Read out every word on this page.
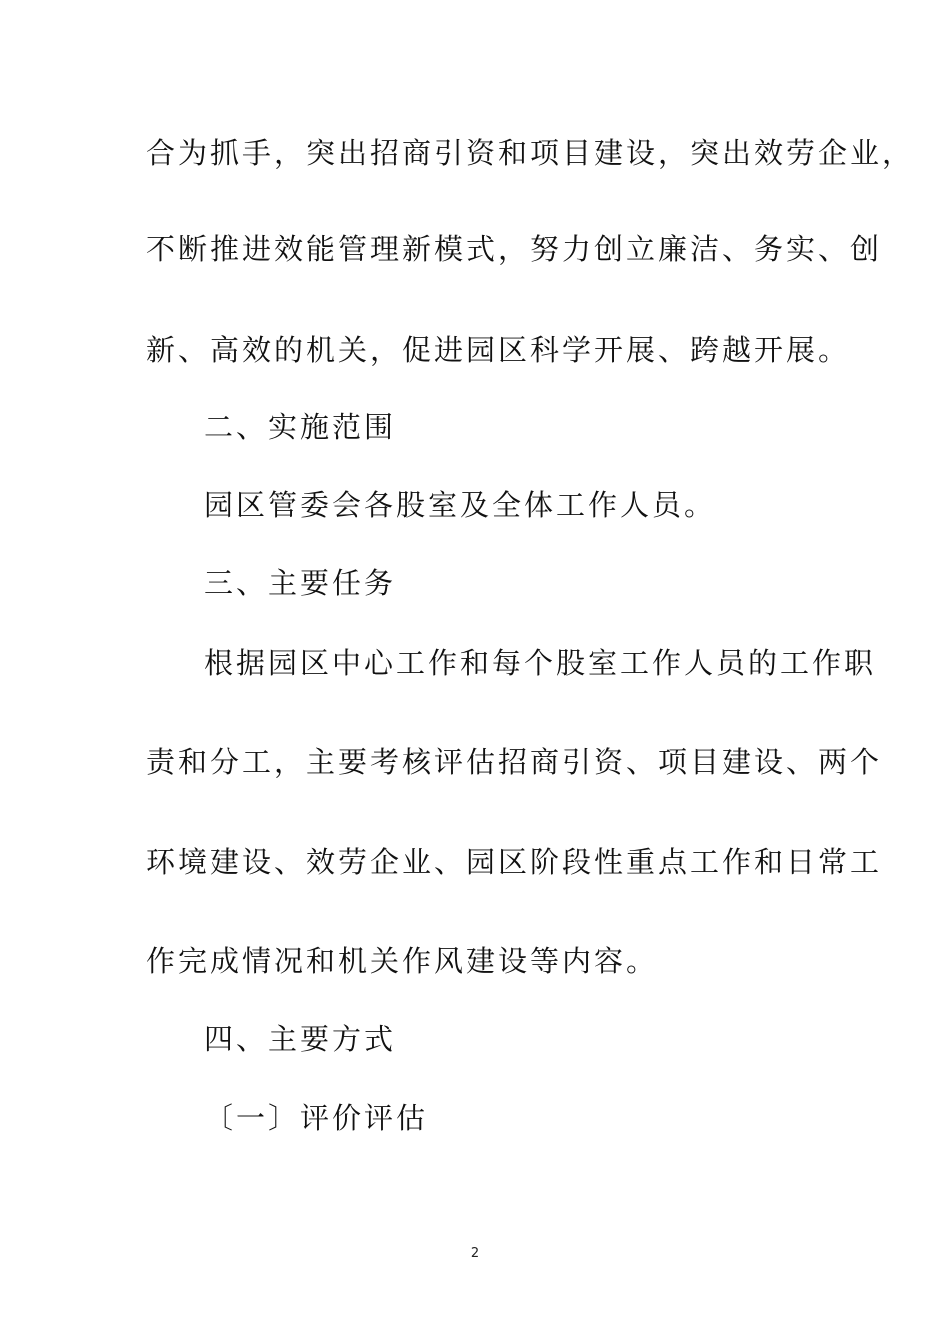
合为抓手，突出招商引资和项目建设，突出效劳企业，
不断推进效能管理新模式，努力创立廉洁、务实、创
新、高效的机关，促进园区科学开展、跨越开展。
二、实施范围
园区管委会各股室及全体工作人员。
三、主要任务
根据园区中心工作和每个股室工作人员的工作职
责和分工，主要考核评估招商引资、项目建设、两个
环境建设、效劳企业、园区阶段性重点工作和日常工
作完成情况和机关作风建设等内容。
四、主要方式
〔一〕评价评估
2
